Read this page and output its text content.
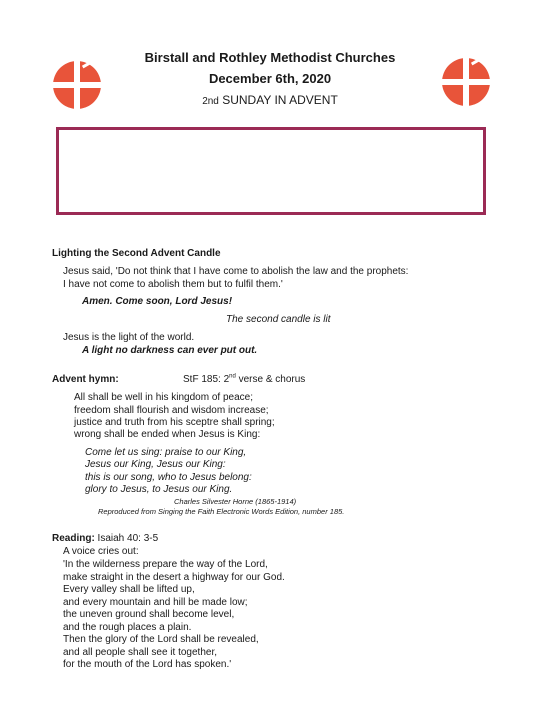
Birstall and Rothley Methodist Churches
December 6th, 2020
2nd SUNDAY IN ADVENT
Lighting the Second Advent Candle
Jesus said, 'Do not think that I have come to abolish the law and the prophets:
I have not come to abolish them but to fulfil them.'
Amen. Come soon, Lord Jesus!
The second candle is lit
Jesus is the light of the world.
A light no darkness can ever put out.
Advent hymn:	StF 185: 2nd verse & chorus
All shall be well in his kingdom of peace;
freedom shall flourish and wisdom increase;
justice and truth from his sceptre shall spring;
wrong shall be ended when Jesus is King:
Come let us sing: praise to our King,
Jesus our King, Jesus our King:
this is our song, who to Jesus belong:
glory to Jesus, to Jesus our King.
Charles Silvester Horne (1865-1914)
Reproduced from Singing the Faith Electronic Words Edition, number 185.
Reading: Isaiah 40: 3-5
A voice cries out:
'In the wilderness prepare the way of the Lord,
make straight in the desert a highway for our God.
Every valley shall be lifted up,
and every mountain and hill be made low;
the uneven ground shall become level,
and the rough places a plain.
Then the glory of the Lord shall be revealed,
and all people shall see it together,
for the mouth of the Lord has spoken.'
